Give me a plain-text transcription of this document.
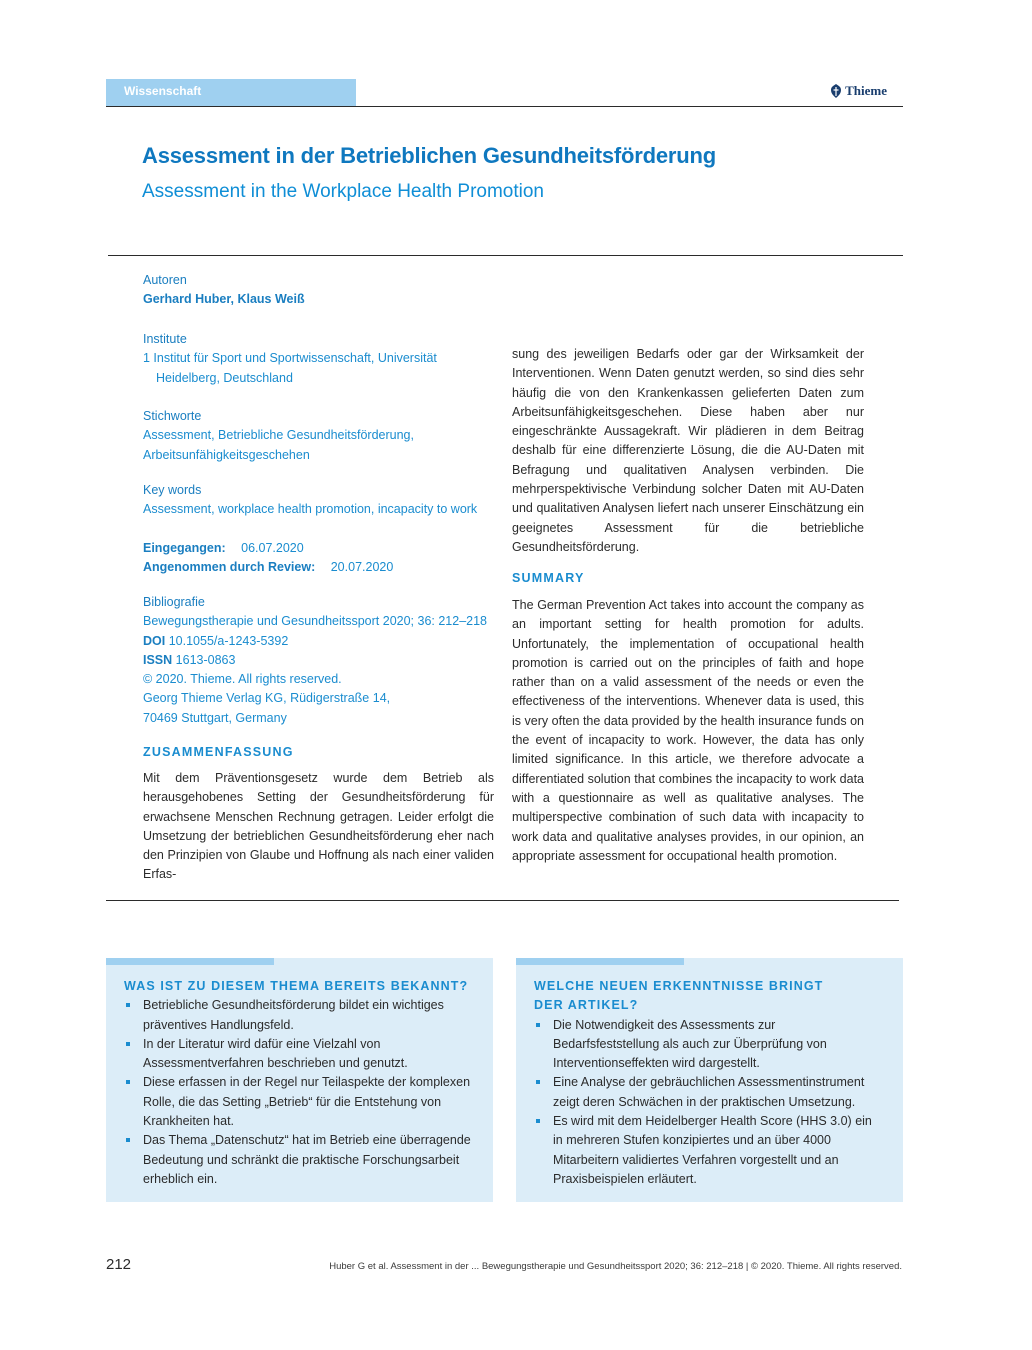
Wissenschaft	Thieme
Assessment in der Betrieblichen Gesundheitsförderung
Assessment in the Workplace Health Promotion
Autoren
Gerhard Huber, Klaus Weiß
Institute
1 Institut für Sport und Sportwissenschaft, Universität Heidelberg, Deutschland
Stichworte
Assessment, Betriebliche Gesundheitsförderung, Arbeitsunfähigkeitsgeschehen
Key words
Assessment, workplace health promotion, incapacity to work
Eingegangen: 06.07.2020
Angenommen durch Review: 20.07.2020
Bibliografie
Bewegungstherapie und Gesundheitssport 2020; 36: 212–218
DOI 10.1055/a-1243-5392
ISSN 1613-0863
© 2020. Thieme. All rights reserved.
Georg Thieme Verlag KG, Rüdigerstraße 14,
70469 Stuttgart, Germany
ZUSAMMENFASSUNG
Mit dem Präventionsgesetz wurde dem Betrieb als herausgehobenes Setting der Gesundheitsförderung für erwachsene Menschen Rechnung getragen. Leider erfolgt die Umsetzung der betrieblichen Gesundheitsförderung eher nach den Prinzipien von Glaube und Hoffnung als nach einer validen Erfas-
sung des jeweiligen Bedarfs oder gar der Wirksamkeit der Interventionen. Wenn Daten genutzt werden, so sind dies sehr häufig die von den Krankenkassen gelieferten Daten zum Arbeitsunfähigkeitsgeschehen. Diese haben aber nur eingeschränkte Aussagekraft. Wir plädieren in dem Beitrag deshalb für eine differenzierte Lösung, die die AU-Daten mit Befragung und qualitativen Analysen verbinden. Die mehrperspektivische Verbindung solcher Daten mit AU-Daten und qualitativen Analysen liefert nach unserer Einschätzung ein geeignetes Assessment für die betriebliche Gesundheitsförderung.
SUMMARY
The German Prevention Act takes into account the company as an important setting for health promotion for adults. Unfortunately, the implementation of occupational health promotion is carried out on the principles of faith and hope rather than on a valid assessment of the needs or even the effectiveness of the interventions. Whenever data is used, this is very often the data provided by the health insurance funds on the event of incapacity to work. However, the data has only limited significance. In this article, we therefore advocate a differentiated solution that combines the incapacity to work data with a questionnaire as well as qualitative analyses. The multiperspective combination of such data with incapacity to work data and qualitative analyses provides, in our opinion, an appropriate assessment for occupational health promotion.
WAS IST ZU DIESEM THEMA BEREITS BEKANNT?
Betriebliche Gesundheitsförderung bildet ein wichtiges präventives Handlungsfeld.
In der Literatur wird dafür eine Vielzahl von Assessmentverfahren beschrieben und genutzt.
Diese erfassen in der Regel nur Teilaspekte der komplexen Rolle, die das Setting „Betrieb“ für die Entstehung von Krankheiten hat.
Das Thema „Datenschutz“ hat im Betrieb eine überragende Bedeutung und schränkt die praktische Forschungsarbeit erheblich ein.
WELCHE NEUEN ERKENNTNISSE BRINGT DER ARTIKEL?
Die Notwendigkeit des Assessments zur Bedarfsfeststellung als auch zur Überprüfung von Interventionseffekten wird dargestellt.
Eine Analyse der gebräuchlichen Assessmentinstrument zeigt deren Schwächen in der praktischen Umsetzung.
Es wird mit dem Heidelberger Health Score (HHS 3.0) ein in mehreren Stufen konzipiertes und an über 4000 Mitarbeitern validiertes Verfahren vorgestellt und an Praxisbeispielen erläutert.
212	Huber G et al. Assessment in der ... Bewegungstherapie und Gesundheitssport 2020; 36: 212–218 | © 2020. Thieme. All rights reserved.
